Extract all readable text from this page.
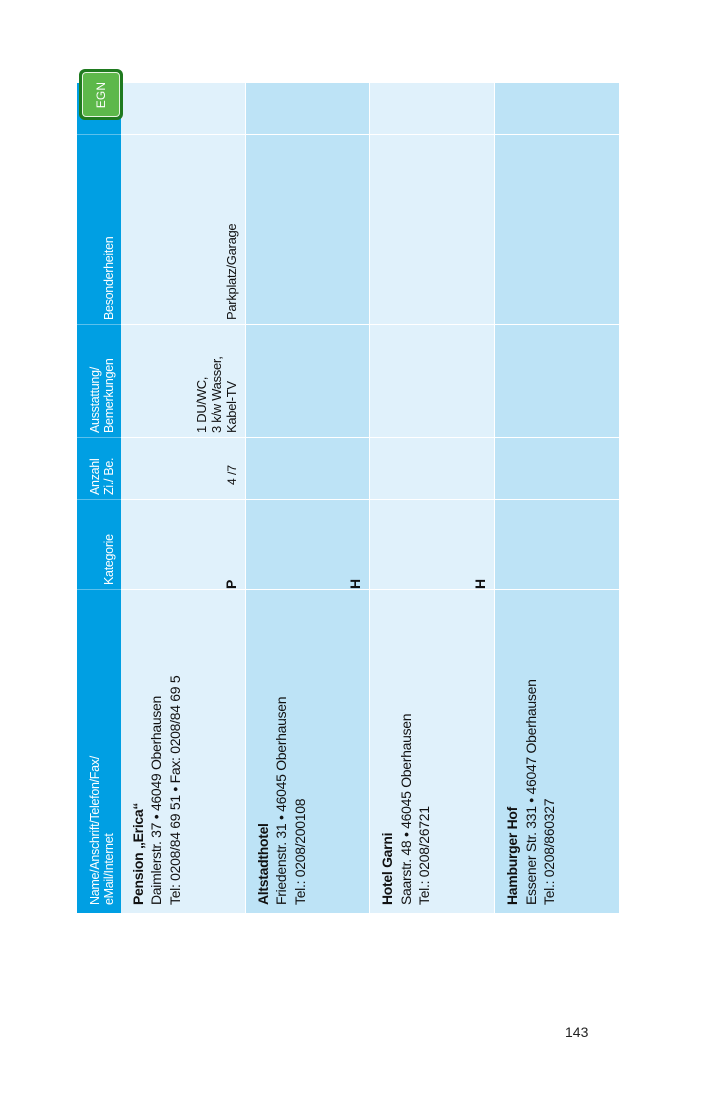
Name/Anschrift/Telefon/Fax/ eMail/Internet
Kategorie
Anzahl Zi./ Be.
Ausstattung/ Bemerkungen
Besonderheiten
Pension „Erica“ Daimlerstr. 37 • 46049 Oberhausen Tel: 0208/84 69 51 • Fax: 0208/84 69 5
P
4 /7
1 DU/WC, 3 k/w Wasser, Kabel-TV
Parkplatz/Garage
Altstadthotel Friedenstr. 31 • 46045 Oberhausen Tel.: 0208/200108
H
Hotel Garni Saarstr. 48 • 46045 Oberhausen Tel.: 0208/26721
H
Hamburger Hof Essener Str. 331 • 46047 Oberhausen Tel.: 0208/860327
EGN
143
